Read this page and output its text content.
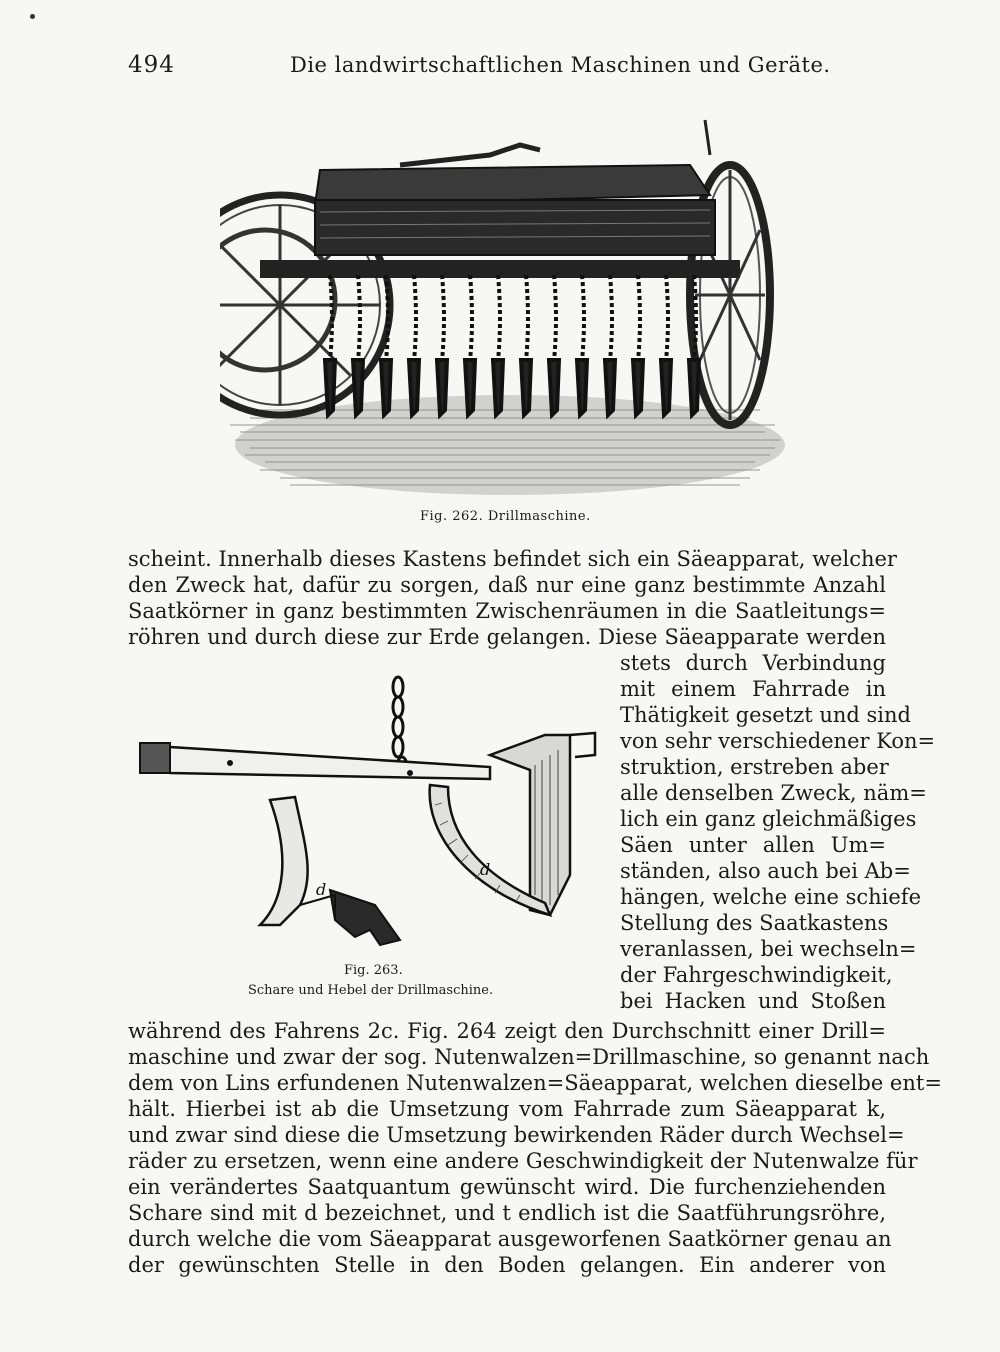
494	Die landwirtschaftlichen Maschinen und Geräte.
Fig. 262. Drillmaschine.
d
d
Fig. 263.
Schare und Hebel der Drillmaschine.
scheint. Innerhalb dieses Kastens befindet sich ein Säeapparat, welcher
den Zweck hat, dafür zu sorgen, daß nur eine ganz bestimmte Anzahl
Saatkörner in ganz bestimmten Zwischenräumen in die Saatleitungs=
röhren und durch diese zur Erde gelangen. Diese Säeapparate werden
stets durch Verbindung
mit einem Fahrrade in
Thätigkeit gesetzt und sind
von sehr verschiedener Kon=
struktion, erstreben aber
alle denselben Zweck, näm=
lich ein ganz gleichmäßiges
Säen unter allen Um=
ständen, also auch bei Ab=
hängen, welche eine schiefe
Stellung des Saatkastens
veranlassen, bei wechseln=
der Fahrgeschwindigkeit,
bei Hacken und Stoßen
während des Fahrens 2c. Fig. 264 zeigt den Durchschnitt einer Drill=
maschine und zwar der sog. Nutenwalzen=Drillmaschine, so genannt nach
dem von Lins erfundenen Nutenwalzen=Säeapparat, welchen dieselbe ent=
hält. Hierbei ist ab die Umsetzung vom Fahrrade zum Säeapparat k,
und zwar sind diese die Umsetzung bewirkenden Räder durch Wechsel=
räder zu ersetzen, wenn eine andere Geschwindigkeit der Nutenwalze für
ein verändertes Saatquantum gewünscht wird. Die furchenziehenden
Schare sind mit d bezeichnet, und t endlich ist die Saatführungsröhre,
durch welche die vom Säeapparat ausgeworfenen Saatkörner genau an
der gewünschten Stelle in den Boden gelangen. Ein anderer von
